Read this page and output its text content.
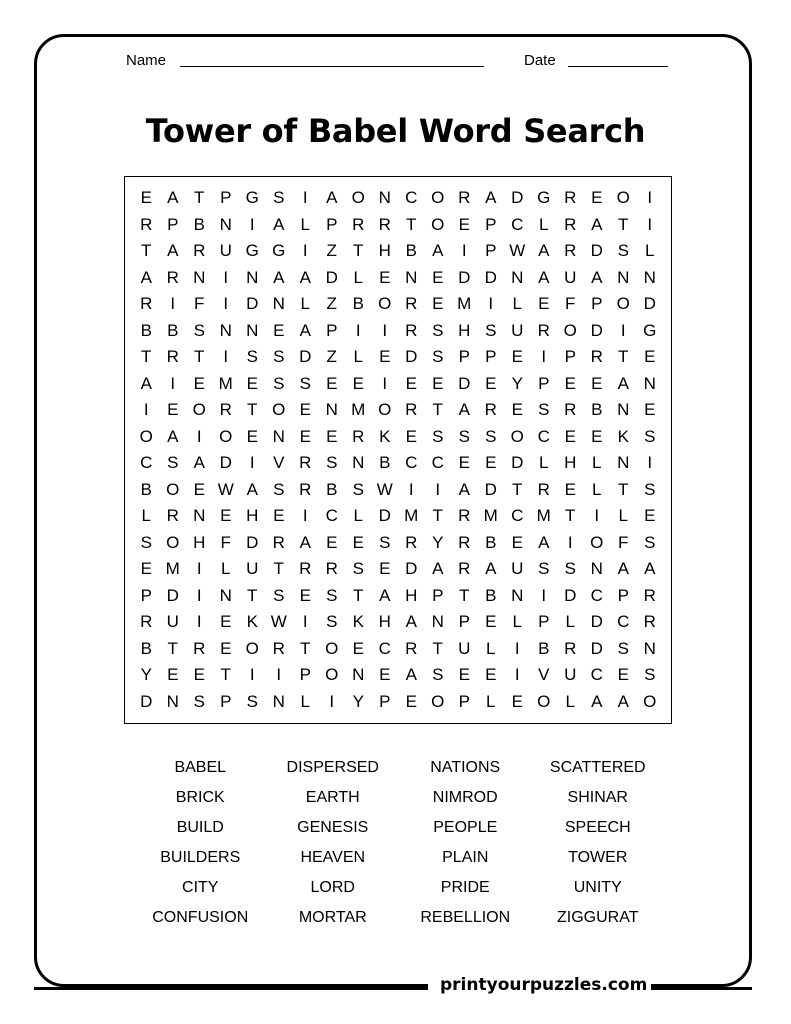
Name	Date
Tower of Babel Word Search
E A T P G S	I	A O N C O R A D G R E O	I
R P B N	I	A L P R R T O E P C L R A T	I
T A R U G G	I	Z T H B A	I	P W A R D S L
A R N	I	N A A D L E N E D D N A U A N N
R	I	F	I	D N L Z B O R E M	I	L E F P O D
B B S N N E A P	I	I	R S H S U R O D	I	G
T R T	I	S S D Z L E D S P P E	I	P R T E
A	I	E M E S S E E	I	E E D E Y P E E A N
I	E O R T O E N M O R T A R E S R B N E
O A	I	O E N E E R K E S S S O C E E K S
C S A D	I	V R S N B C C E E D L H L N	I
B O E W A S R B S W I	I	A D T R E L T S
L R N E H E	I	C L D M T R M C M T	I	L E
S O H F D R A E E S R Y R B E A	I	O F S
E M	I	L U T R R S E D A R A U S S N A A
P D	I	N T S E S T A H P T B N	I	D C P R
R U	I	E K W I	S K H A N P E L P L D C R
B T R E O R T O E C R T U L	I	B R D S N
Y E E T	I	I	P O N E A S E E	I	V U C E S
D N S P S N L	I	Y P E O P L E O L A A O
BABEL	DISPERSED	NATIONS	SCATTERED
BRICK	EARTH	NIMROD	SHINAR
BUILD	GENESIS	PEOPLE	SPEECH
BUILDERS	HEAVEN	PLAIN	TOWER
CITY	LORD	PRIDE	UNITY
CONFUSION	MORTAR	REBELLION	ZIGGURAT
printyourpuzzles.com
